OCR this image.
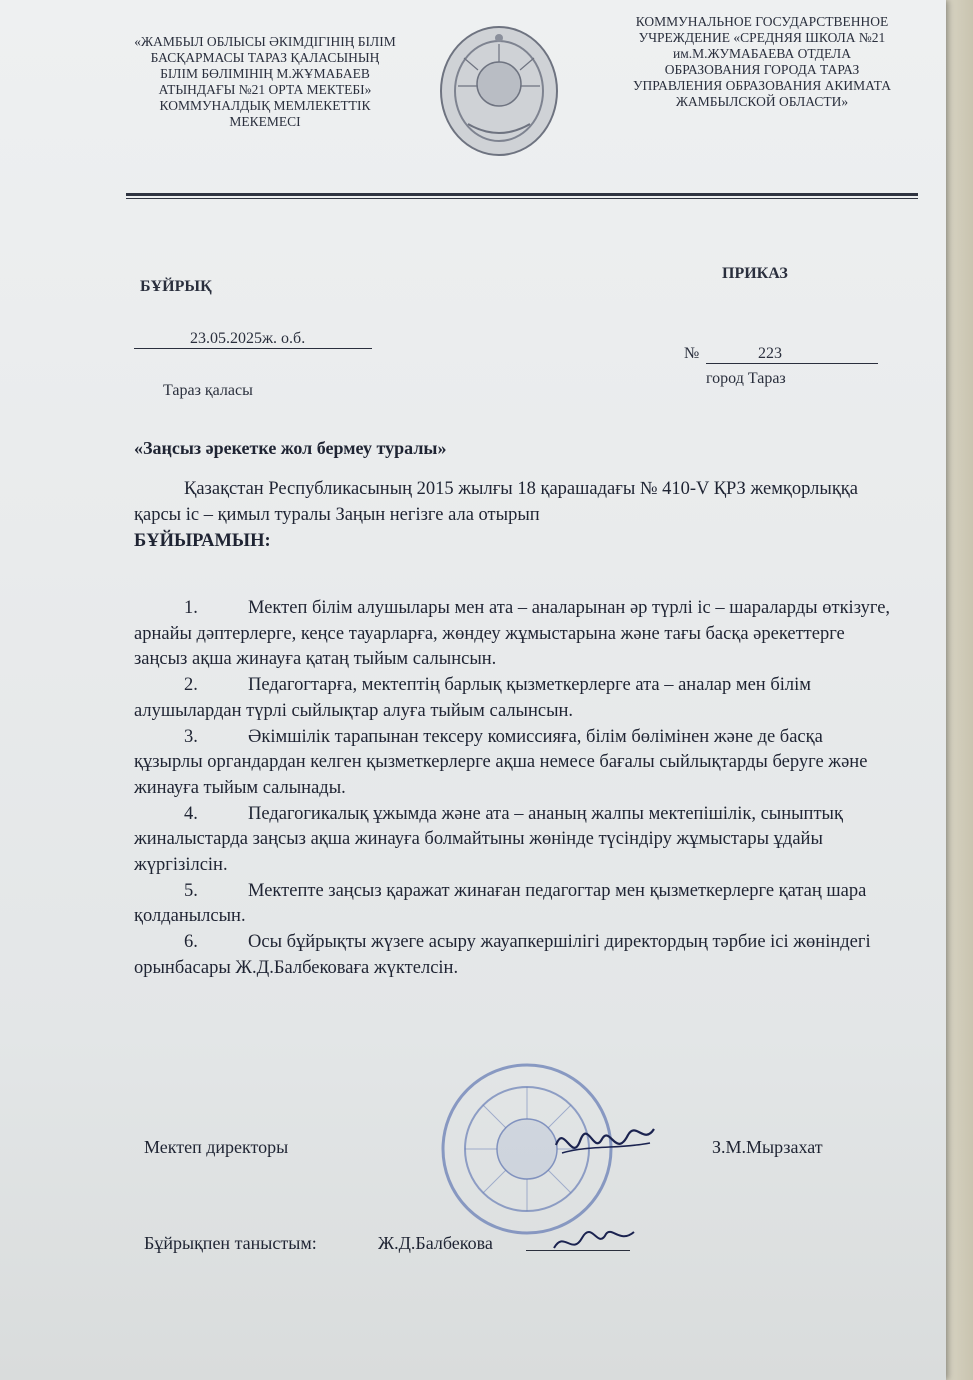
«ЖАМБЫЛ ОБЛЫСЫ ӘКІМДІГІНІҢ БІЛІМ БАСҚАРМАСЫ ТАРАЗ ҚАЛАСЫНЫҢ БІЛІМ БӨЛІМІНІҢ М.ЖҰМАБАЕВ АТЫНДАҒЫ №21 ОРТА МЕКТЕБІ» КОММУНАЛДЫҚ МЕМЛЕКЕТТІК МЕКЕМЕСІ
КОММУНАЛЬНОЕ ГОСУДАРСТВЕННОЕ УЧРЕЖДЕНИЕ «СРЕДНЯЯ ШКОЛА №21 им.М.ЖУМАБАЕВА ОТДЕЛА ОБРАЗОВАНИЯ ГОРОДА ТАРАЗ УПРАВЛЕНИЯ ОБРАЗОВАНИЯ АКИМАТА ЖАМБЫЛСКОЙ ОБЛАСТИ»
БҰЙРЫҚ
ПРИКАЗ
23.05.2025ж. о.б.
Тараз қаласы
№	223
город Тараз
«Заңсыз әрекетке жол бермеу туралы»

Қазақстан Республикасының 2015 жылғы 18 қарашадағы № 410-V ҚРЗ жемқорлыққа қарсы іс – қимыл туралы Заңын негізге ала отырып

БҰЙЫРАМЫН:

1.	Мектеп білім алушылары мен ата – аналарынан әр түрлі іс – шараларды өткізуге, арнайы дәптерлерге, кеңсе тауарларға, жөндеу жұмыстарына және тағы басқа әрекеттерге заңсыз ақша жинауға қатаң тыйым салынсын.

2.	Педагогтарға, мектептің барлық қызметкерлерге ата – аналар мен білім алушылардан түрлі сыйлықтар алуға тыйым салынсын.

3.	Әкімшілік тарапынан тексеру комиссияға, білім бөлімінен және де басқа құзырлы органдардан келген қызметкерлерге ақша немесе бағалы сыйлықтарды беруге және жинауға тыйым салынады.

4.	Педагогикалық ұжымда және ата – ананың жалпы мектепішілік, сыныптық жиналыстарда заңсыз ақша жинауға болмайтыны жөнінде түсіндіру жұмыстары ұдайы жүргізілсін.

5.	Мектепте заңсыз қаражат жинаған педагогтар мен қызметкерлерге қатаң шара қолданылсын.

6.	Осы бұйрықты жүзеге асыру жауапкершілігі директордың тәрбие ісі жөніндегі орынбасары Ж.Д.Балбековаға жүктелсін.

Мектеп директоры	З.М.Мырзахат
Бұйрықпен таныстым:	Ж.Д.Балбекова
